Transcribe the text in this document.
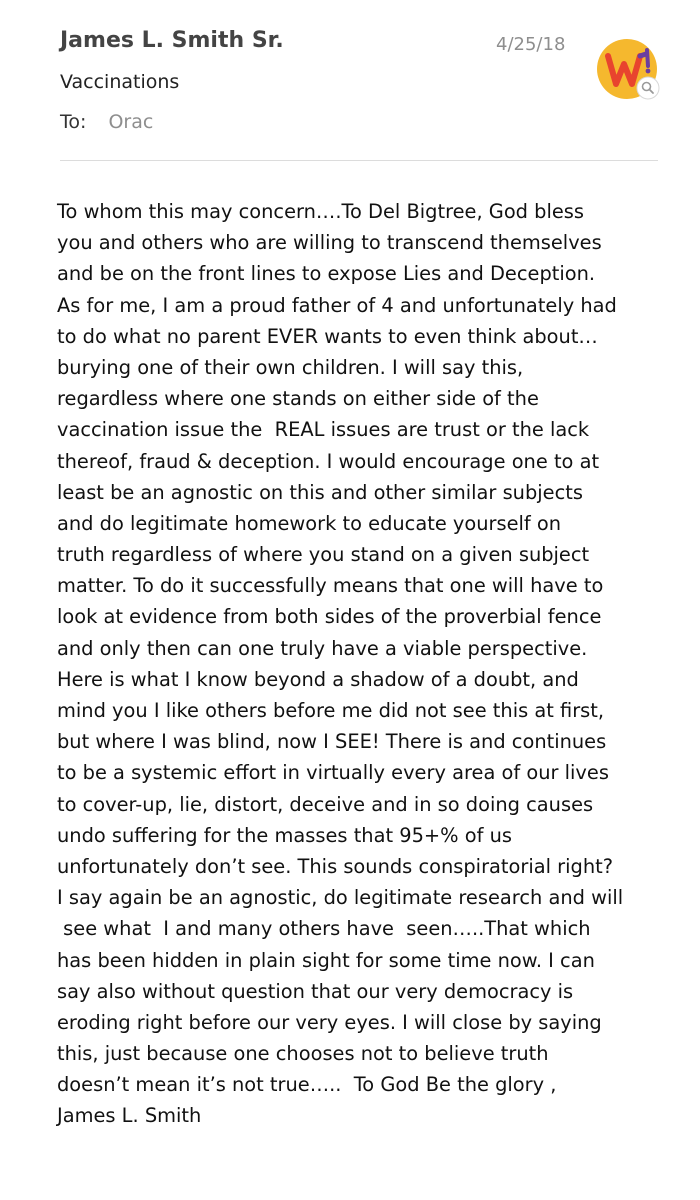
James L. Smith Sr.	4/25/18
Vaccinations
To: Orac
To whom this may concern….To Del Bigtree, God bless
you and others who are willing to transcend themselves
and be on the front lines to expose Lies and Deception.
As for me, I am a proud father of 4 and unfortunately had
to do what no parent EVER wants to even think about…
burying one of their own children. I will say this,
regardless where one stands on either side of the
vaccination issue the  REAL issues are trust or the lack
thereof, fraud & deception. I would encourage one to at
least be an agnostic on this and other similar subjects
and do legitimate homework to educate yourself on
truth regardless of where you stand on a given subject
matter. To do it successfully means that one will have to
look at evidence from both sides of the proverbial fence
and only then can one truly have a viable perspective.
Here is what I know beyond a shadow of a doubt, and
mind you I like others before me did not see this at first,
but where I was blind, now I SEE! There is and continues
to be a systemic effort in virtually every area of our lives
to cover-up, lie, distort, deceive and in so doing causes
undo suffering for the masses that 95+% of us
unfortunately don’t see. This sounds conspiratorial right?
I say again be an agnostic, do legitimate research and will
see what  I and many others have  seen…..That which
has been hidden in plain sight for some time now. I can
say also without question that our very democracy is
eroding right before our very eyes. I will close by saying
this, just because one chooses not to believe truth
doesn’t mean it’s not true…..  To God Be the glory ,
James L. Smith
